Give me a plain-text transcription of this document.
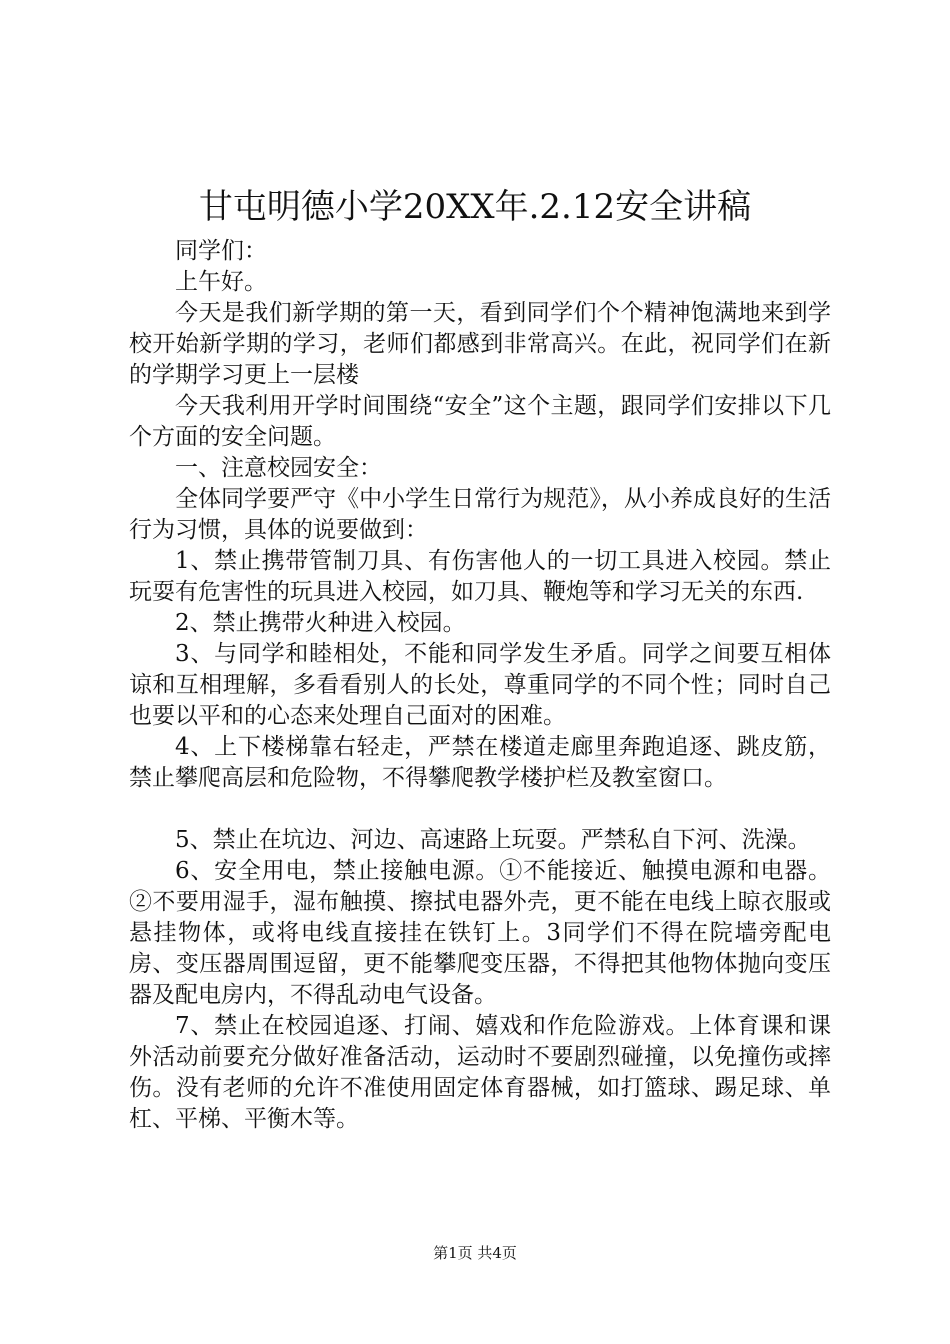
甘屯明德小学20XX年.2.12安全讲稿

同学们：

上午好。

今天是我们新学期的第一天，看到同学们个个精神饱满地来到学校开始新学期的学习，老师们都感到非常高兴。在此，祝同学们在新的学期学习更上一层楼

今天我利用开学时间围绕“安全”这个主题，跟同学们安排以下几个方面的安全问题。

一、注意校园安全：

全体同学要严守《中小学生日常行为规范》，从小养成良好的生活行为习惯，具体的说要做到：

1、禁止携带管制刀具、有伤害他人的一切工具进入校园。禁止玩耍有危害性的玩具进入校园，如刀具、鞭炮等和学习无关的东西.

2、禁止携带火种进入校园。

3、与同学和睦相处，不能和同学发生矛盾。同学之间要互相体谅和互相理解，多看看别人的长处，尊重同学的不同个性；同时自己也要以平和的心态来处理自己面对的困难。

4、上下楼梯靠右轻走，严禁在楼道走廊里奔跑追逐、跳皮筋，禁止攀爬高层和危险物，不得攀爬教学楼护栏及教室窗口。

5、禁止在坑边、河边、高速路上玩耍。严禁私自下河、洗澡。

6、安全用电，禁止接触电源。①不能接近、触摸电源和电器。②不要用湿手，湿布触摸、擦拭电器外壳，更不能在电线上晾衣服或悬挂物体，或将电线直接挂在铁钉上。3同学们不得在院墙旁配电房、变压器周围逗留，更不能攀爬变压器，不得把其他物体抛向变压器及配电房内，不得乱动电气设备。

7、禁止在校园追逐、打闹、嬉戏和作危险游戏。上体育课和课外活动前要充分做好准备活动，运动时不要剧烈碰撞，以免撞伤或摔伤。没有老师的允许不准使用固定体育器械，如打篮球、踢足球、单杠、平梯、平衡木等。

第1页 共4页
